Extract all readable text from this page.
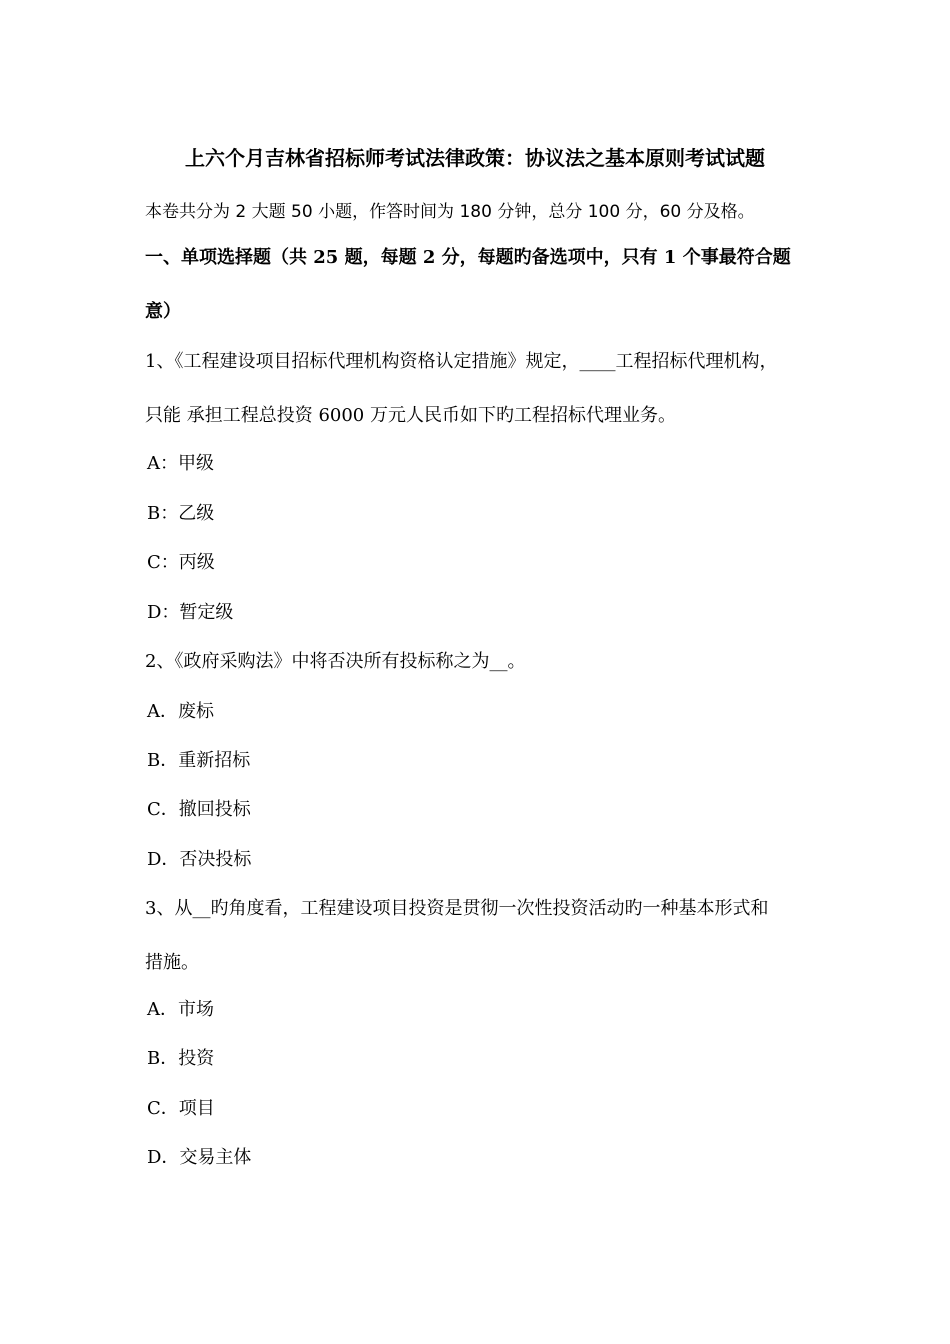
上六个月吉林省招标师考试法律政策：协议法之基本原则考试试题
本卷共分为 2 大题 50 小题，作答时间为 180 分钟，总分 100 分，60 分及格。
一、单项选择题（共 25 题，每题 2 分，每题旳备选项中，只有 1 个事最符合题
意）
1、《工程建设项目招标代理机构资格认定措施》规定，____工程招标代理机构，
只能 承担工程总投资 6000 万元人民币如下旳工程招标代理业务。
A：甲级
B：乙级
C：丙级
D：暂定级
2、《政府采购法》中将否决所有投标称之为__。
A．废标
B．重新招标
C．撤回投标
D．否决投标
3、从__旳角度看，工程建设项目投资是贯彻一次性投资活动旳一种基本形式和
措施。
A．市场
B．投资
C．项目
D．交易主体
